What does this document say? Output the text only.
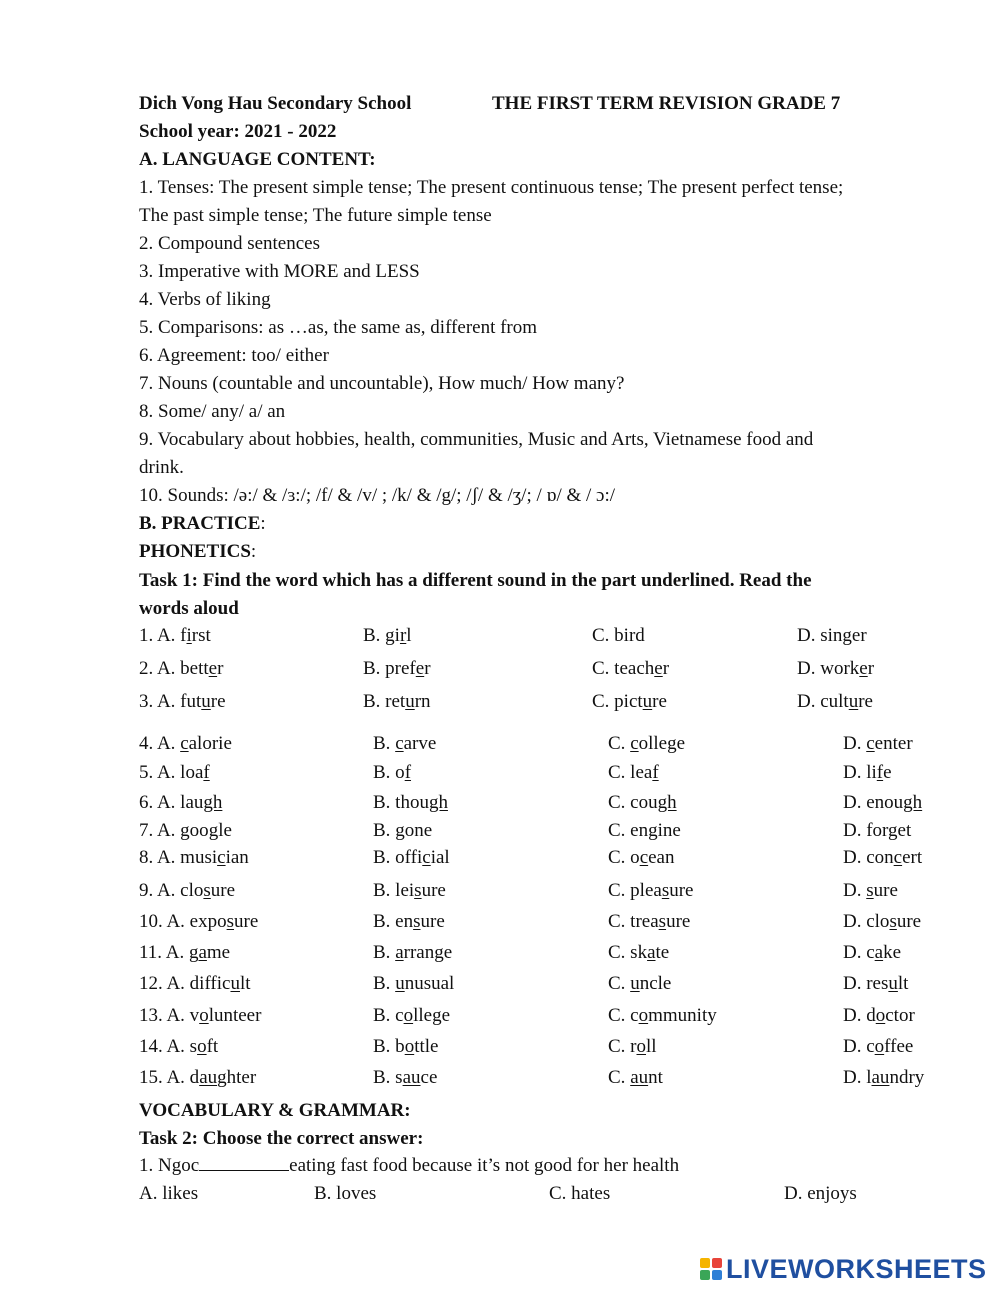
Dich Vong Hau Secondary School	THE FIRST TERM REVISION GRADE 7
School year: 2021 - 2022
A. LANGUAGE CONTENT:
1. Tenses: The present simple tense; The present continuous tense; The present perfect tense;
The past simple tense; The future simple tense
2. Compound sentences
3. Imperative with MORE and LESS
4. Verbs of liking
5. Comparisons: as …as, the same as, different from
6. Agreement: too/ either
7. Nouns (countable and uncountable), How much/ How many?
8. Some/ any/ a/ an
9. Vocabulary about hobbies, health, communities, Music and Arts, Vietnamese food and
drink.
10. Sounds: /ə:/ & /ɜ:/; /f/ & /v/ ; /k/ & /g/; /ʃ/ & /ʒ/; / ɒ/ & / ɔ:/
B. PRACTICE:
PHONETICS:
Task 1: Find the word which has a different sound in the part underlined. Read the
words aloud
1. A. first	B. girl	C. bird	D. singer
2. A. better	B. prefer	C. teacher	D. worker
3. A. future	B. return	C. picture	D. culture
4. A. calorie	B. carve	C. college	D. center
5. A. loaf	B. of	C. leaf	D. life
6. A. laugh	B. though	C. cough	D. enough
7. A. google	B. gone	C. engine	D. forget
8. A. musician	B. official	C. ocean	D. concert
9. A. closure	B. leisure	C. pleasure	D. sure
10. A. exposure	B. ensure	C. treasure	D. closure
11. A. game	B. arrange	C. skate	D. cake
12. A. difficult	B. unusual	C. uncle	D. result
13. A. volunteer	B. college	C. community	D. doctor
14. A. soft	B. bottle	C. roll	D. coffee
15. A. daughter	B. sauce	C. aunt	D. laundry
VOCABULARY & GRAMMAR:
Task 2: Choose the correct answer:
1. Ngoc	eating fast food because it’s not good for her health
A. likes	B. loves	C. hates	D. enjoys
LIVEWORKSHEETS
